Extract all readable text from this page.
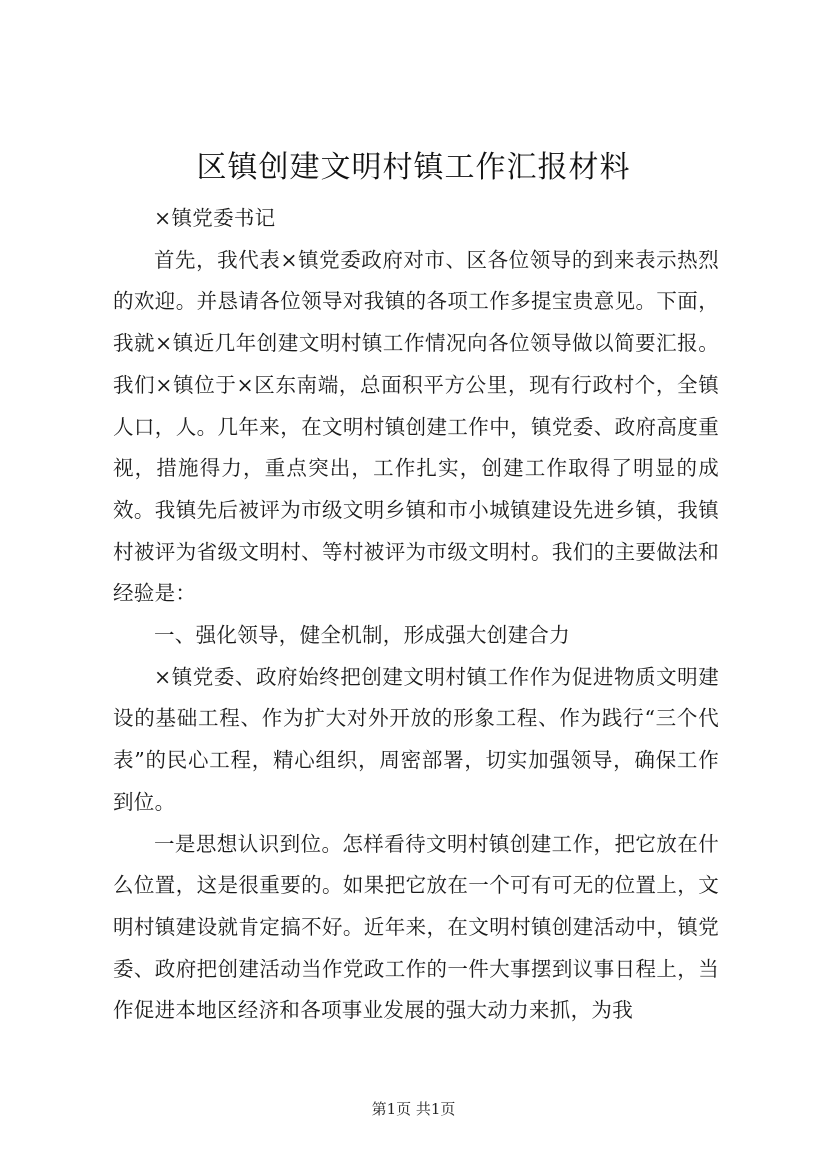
区镇创建文明村镇工作汇报材料

×镇党委书记

首先，我代表×镇党委政府对市、区各位领导的到来表示热烈的欢迎。并恳请各位领导对我镇的各项工作多提宝贵意见。下面，我就×镇近几年创建文明村镇工作情况向各位领导做以简要汇报。我们×镇位于×区东南端，总面积平方公里，现有行政村个，全镇人口，人。几年来，在文明村镇创建工作中，镇党委、政府高度重视，措施得力，重点突出，工作扎实，创建工作取得了明显的成效。我镇先后被评为市级文明乡镇和市小城镇建设先进乡镇，我镇村被评为省级文明村、等村被评为市级文明村。我们的主要做法和经验是：

一、强化领导，健全机制，形成强大创建合力

×镇党委、政府始终把创建文明村镇工作作为促进物质文明建设的基础工程、作为扩大对外开放的形象工程、作为践行“三个代表”的民心工程，精心组织，周密部署，切实加强领导，确保工作到位。

一是思想认识到位。怎样看待文明村镇创建工作，把它放在什么位置，这是很重要的。如果把它放在一个可有可无的位置上，文明村镇建设就肯定搞不好。近年来，在文明村镇创建活动中，镇党委、政府把创建活动当作党政工作的一件大事摆到议事日程上，当作促进本地区经济和各项事业发展的强大动力来抓，为我

第1页 共1页
